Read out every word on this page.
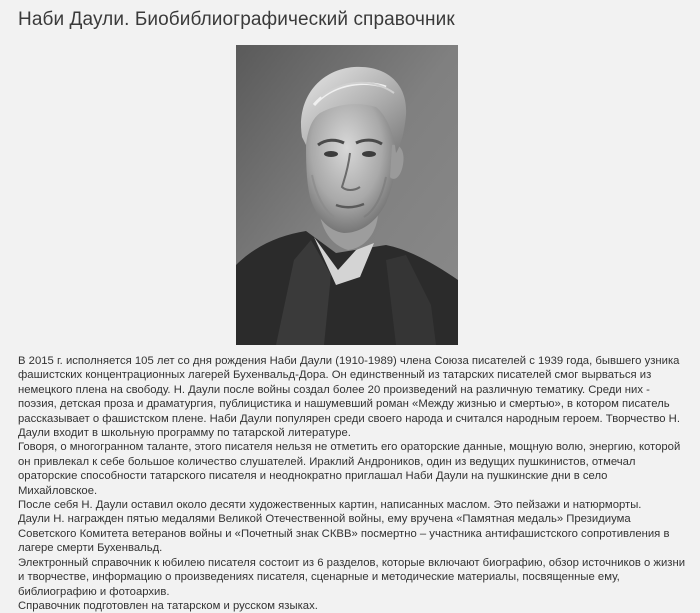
Наби Даули. Биобиблиографический справочник

В 2015 г. исполняется 105 лет со дня рождения Наби Даули (1910-1989) члена Союза писателей с 1939 года, бывшего узника фашистских концентрационных лагерей Бухенвальд-Дора. Он единственный из татарских писателей смог вырваться из немецкого плена на свободу. Н. Даули после войны создал более 20 произведений на различную тематику. Среди них - поэзия, детская проза и драматургия, публицистика и нашумевший роман «Между жизнью и смертью», в котором писатель рассказывает о фашистском плене. Наби Даули популярен среди своего народа и считался народным героем. Творчество Н. Даули входит в школьную программу по татарской литературе.

Говоря, о многогранном таланте, этого писателя нельзя не отметить его ораторские данные, мощную волю, энергию, которой он привлекал к себе большое количество слушателей. Ираклий Андроников, один из ведущих пушкинистов, отмечал ораторские способности татарского писателя и неоднократно приглашал Наби Даули на пушкинские дни в село Михайловское.

После себя Н. Даули оставил около десяти художественных картин, написанных маслом. Это пейзажи и натюрморты.

Даули Н. награжден пятью медалями Великой Отечественной войны, ему вручена «Памятная медаль» Президиума Советского Комитета ветеранов войны и «Почетный знак СКВВ» посмертно – участника антифашистского сопротивления в лагере смерти Бухенвальд.

Электронный справочник к юбилею писателя состоит из 6 разделов, которые включают биографию, обзор источников о жизни и творчестве, информацию о произведениях писателя, сценарные и методические материалы, посвященные ему, библиографию и фотоархив.

Справочник подготовлен на татарском и русском языках.
